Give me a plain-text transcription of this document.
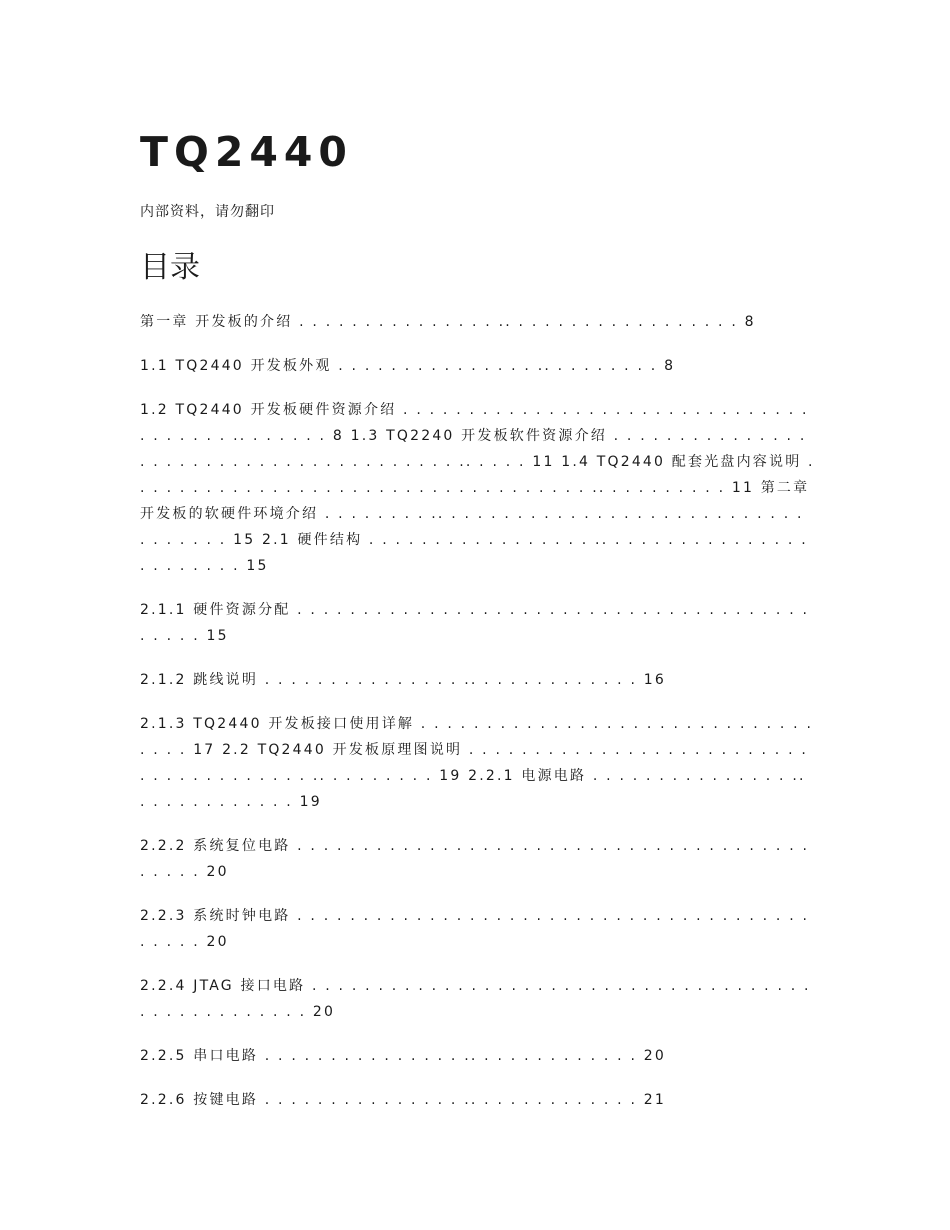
TQ2440
内部资料，请勿翻印
目录

第一章 开发板的介绍 . . . . . . . . . . . . . . . .. . . . . . . . . . . . . . . . . . 8

1.1 TQ2440 开发板外观 . . . . . . . . . . . . . . . .. . . . . . . . . 8

1.2 TQ2440 开发板硬件资源介绍 . . . . . . . . . . . . . . . . . . . . . . . . . . . . . . . . . . . . . . .. . . . . . . 8 1.3 TQ2240 开发板软件资源介绍 . . . . . . . . . . . . . . . . . . . . . . . . . . . . . . . . . . . . . . . .. . . . . 11 1.4 TQ2440 配套光盘内容说明 . . . . . . . . . . . . . . . . . . . . . . . . . . . . . . . . . . . .. . . . . . . . . . 11 第二章 开发板的软硬件环境介绍 . . . . . . . . .. . . . . . . . . . . . . . . . . . . . . . . . . . . . . . . . . . . 15 2.1 硬件结构 . . . . . . . . . . . . . . . . . .. . . . . . . . . . . . . . . . . . . . . . . . 15

2.1.1 硬件资源分配 . . . . . . . . . . . . . . . . . . . . . . . . . . . . . . . . . . . . . . . . . . . . 15

2.1.2 跳线说明 . . . . . . . . . . . . . . . .. . . . . . . . . . . . . 16

2.1.3 TQ2440 开发板接口使用详解 . . . . . . . . . . . . . . . . . . . . . . . . . . . . . . . . . . 17 2.2 TQ2440 开发板原理图说明 . . . . . . . . . . . . . . . . . . . . . . . . . . . . . . . . . . . . . . . .. . . . . . . . . 19 2.2.1 电源电路 . . . . . . . . . . . . . . . .. . . . . . . . . . . . . 19

2.2.2 系统复位电路 . . . . . . . . . . . . . . . . . . . . . . . . . . . . . . . . . . . . . . . . . . . . 20

2.2.3 系统时钟电路 . . . . . . . . . . . . . . . . . . . . . . . . . . . . . . . . . . . . . . . . . . . . 20

2.2.4 JTAG 接口电路 . . . . . . . . . . . . . . . . . . . . . . . . . . . . . . . . . . . . . . . . . . . . . . . . . . . 20

2.2.5 串口电路 . . . . . . . . . . . . . . . .. . . . . . . . . . . . . 20

2.2.6 按键电路 . . . . . . . . . . . . . . . .. . . . . . . . . . . . . 21
